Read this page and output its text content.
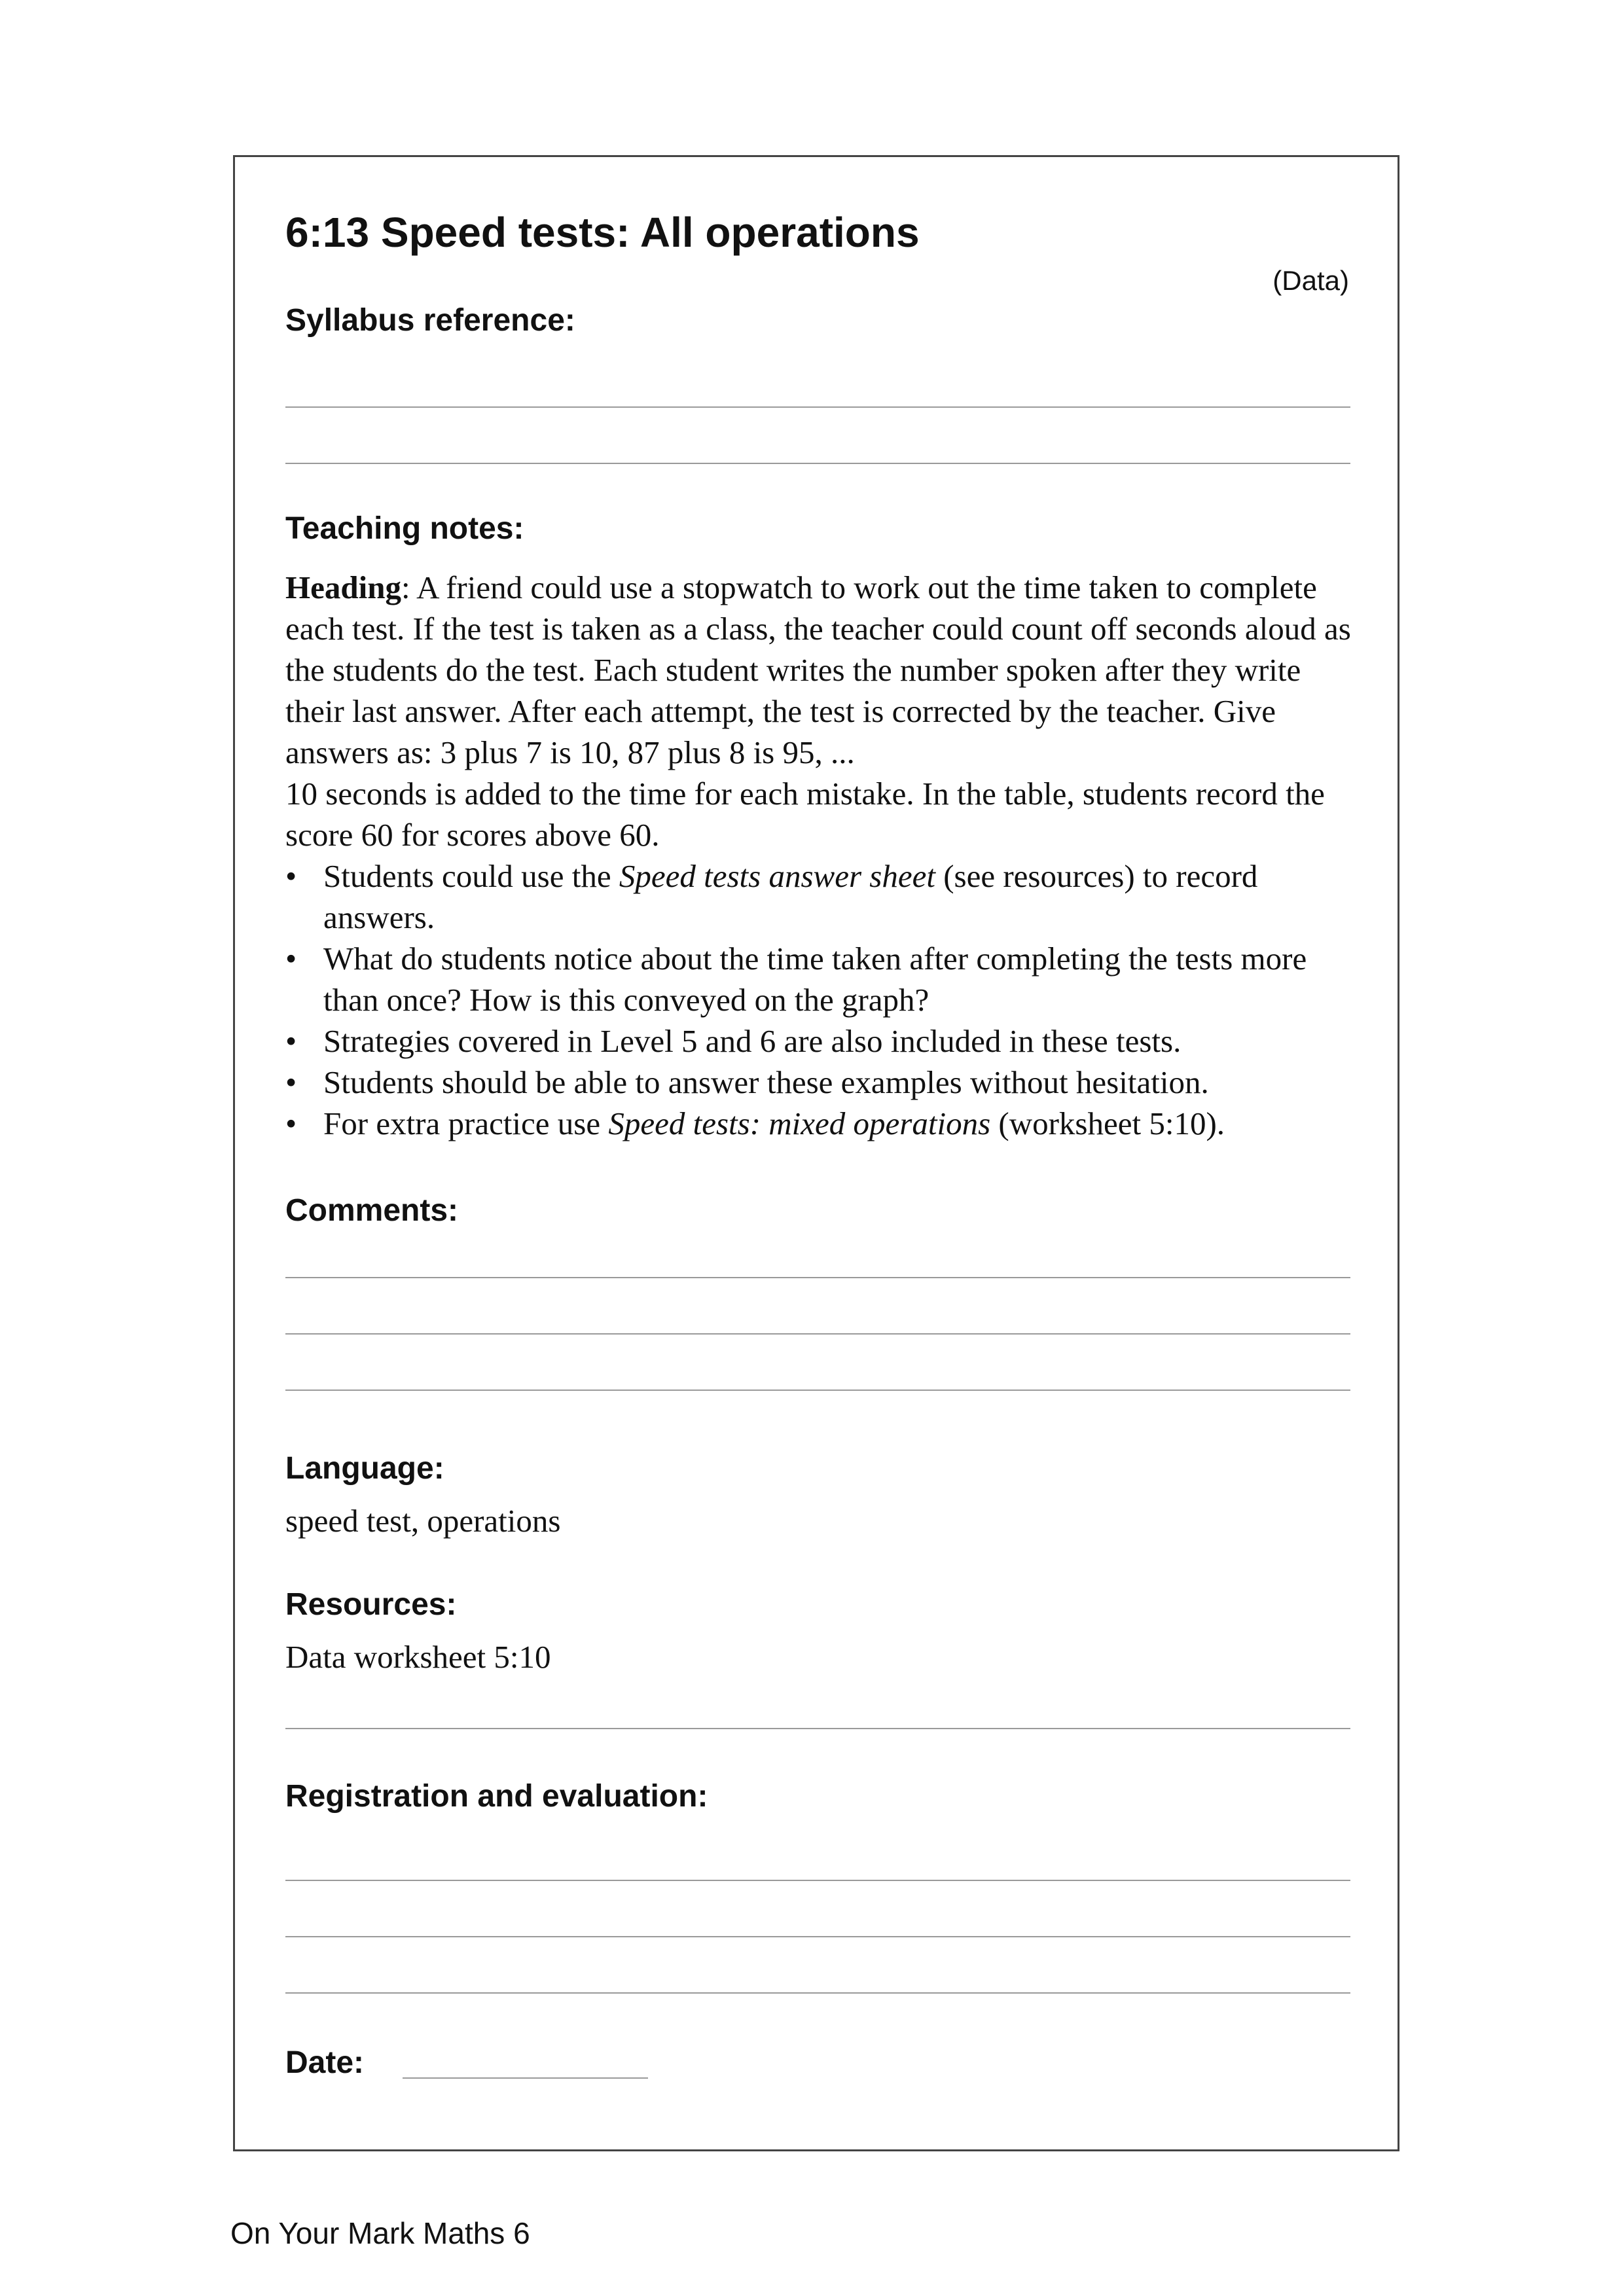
6:13 Speed tests: All operations
(Data)
Syllabus reference:
Teaching notes:

Heading: A friend could use a stopwatch to work out the time taken to complete each test. If the test is taken as a class, the teacher could count off seconds aloud as the students do the test. Each student writes the number spoken after they write their last answer. After each attempt, the test is corrected by the teacher. Give answers as: 3 plus 7 is 10, 87 plus 8 is 95, ...

10 seconds is added to the time for each mistake. In the table, students record the score 60 for scores above 60.

• Students could use the Speed tests answer sheet (see resources) to record answers.
• What do students notice about the time taken after completing the tests more than once? How is this conveyed on the graph?
• Strategies covered in Level 5 and 6 are also included in these tests.
• Students should be able to answer these examples without hesitation.
• For extra practice use Speed tests: mixed operations (worksheet 5:10).
Comments:
Language:
speed test, operations
Resources:
Data worksheet 5:10
Registration and evaluation:
Date:
On Your Mark Maths 6
